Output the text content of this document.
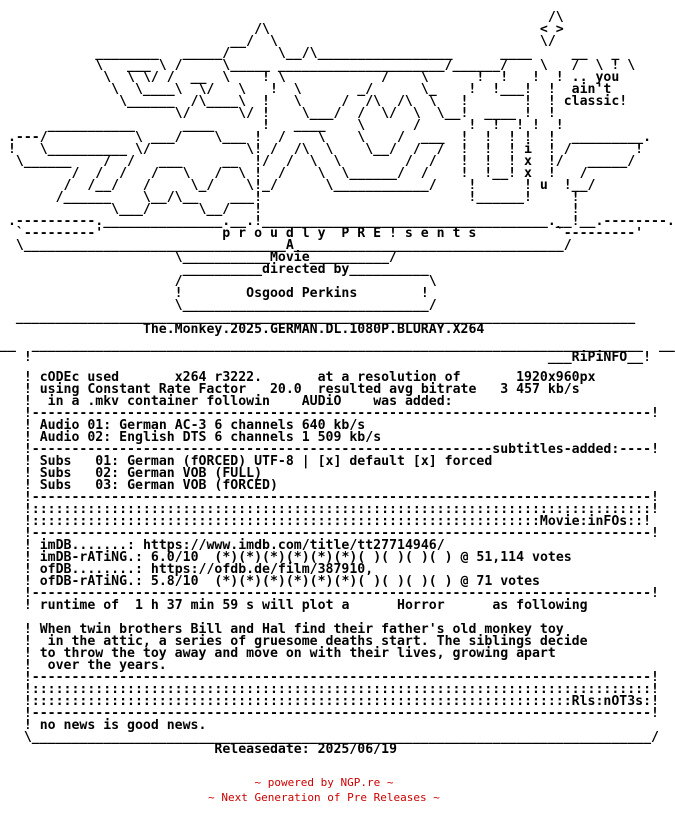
/\
/\                                  < >
__/  \                                 \/
________   _____/      \__/\_________________      ____     __   _
\   ___ \ /     \_____ _____________________/______/    \   /  \ ! \
\  \ \/ /  __  \    ! \            /    \      !  !   !  ! .. you
\  \____\  \/   \   !  \       _/      \_    !  !___!  !  ain't
\______  /\____\  !   \     /  /\  /\  \   !       !  ! classic!
\/      \/ !    \___/  /  \/  \  \__!  ____ !  !
___________      ____      !   ____    \      /      !  !  ! !  !
.---/           \ ___/    \___ !  /    \    \    /  ___  !  !  ! !  !  _________.
!   \__________ \/            \! /  /\  \    \__/  /  /  !  !  ! i  ! /        !
\______    /  /   ___     __  !/  /  \  \        /  /   !  !  ! x  !/   _____/
/  /  /   /   \   /  \ !  /    \  \______/  /    !  !__! x  !   /
/  /__/   /     \_/    \!_/      \____________/    !      ! u  !__/
/______    \__/\__    ___!                          !______!     !
\___/      \__/   !                                       !
.----------._______________.__.!____________________________________.__!__.--------.
`---------'               p r o u d l y  P R E ! s e n t s          `---------'
\_________________________________A__________________________________/
\___________Movie__________/
__________directed by__________
/                               \
!        Osgood Perkins        !
\_______________________________/
______________________________________________________________________________
The.Monkey.2025.GERMAN.DL.1080P.BLURAY.X264
__  _____________________________________________________________________________  __
!                                                                 ___RiPiNFO__!
! cODEc used	x264 r3222.	at a resolution of	1920x960px
! using Constant Rate Factor 20.0 resulted avg bitrate 3 457 kb/s
!  in a .mkv container followin AUDiO was added:
!------------------------------------------------------------------------------!
! Audio 01: German AC-3 6 channels 640 kb/s
! Audio 02: English DTS 6 channels 1 509 kb/s
!----------------------------------------------------------subtitles-added:----!
! Subs   01: German (fORCED) UTF-8 | [x] default [x] forced
! Subs   02: German VOB (FULL)
! Subs   03: German VOB (fORCED)
!------------------------------------------------------------------------------!
!::::::::::::::::::::::::::::::::::::::::::::::::::::::::::::::::::::::::::::::!
!::::::::::::::::::::::::::::::::::::::::::::::::::::::::::::::::Movie:inFOs::!
!------------------------------------------------------------------------------!
! imDB.......: https://www.imdb.com/title/tt27714946/
! imDB-rATiNG.: 6.0/10 (*)(*)(*)(*)(*)(*)( )( )( )( ) @ 51,114 votes
! ofDB........: https://ofdb.de/film/387910,
! ofDB-rATiNG.: 5.8/10 (*)(*)(*)(*)(*)(*)( )( )( )( ) @ 71 votes
!------------------------------------------------------------------------------!
! runtime of 1 h 37 min 59 s will plot a	Horror	as following
! When twin brothers Bill and Hal find their father's old monkey toy
!  in the attic, a series of gruesome deaths start. The siblings decide
! to throw the toy away and move on with their lives, growing apart
!  over the years.
!------------------------------------------------------------------------------!
!::::::::::::::::::::::::::::::::::::::::::::::::::::::::::::::::::::::::::::::!
!::::::::::::::::::::::::::::::::::::::::::::::::::::::::::::::::::::Rls:nOT3s:!
!------------------------------------------------------------------------------!
! no news is good news.
\______________________________________________________________________________/
Releasedate: 2025/06/19
~ powered by NGP.re ~
~ Next Generation of Pre Releases ~
